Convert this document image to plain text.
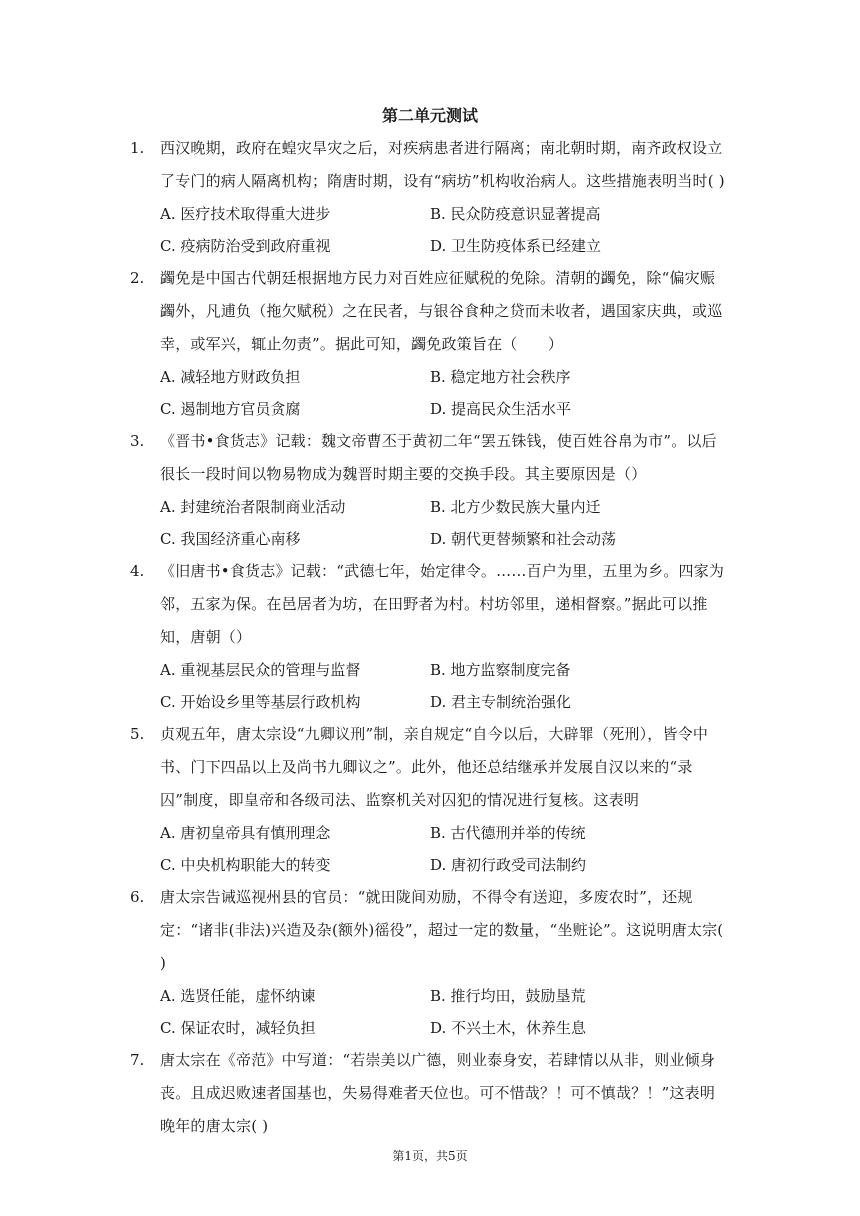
第二单元测试
1.	西汉晚期，政府在蝗灾旱灾之后，对疾病患者进行隔离；南北朝时期，南齐政权设立了专门的病人隔离机构；隋唐时期，设有“病坊”机构收治病人。这些措施表明当时( )
A. 医疗技术取得重大进步	B. 民众防疫意识显著提高
C. 疫病防治受到政府重视	D. 卫生防疫体系已经建立
2.	蠲免是中国古代朝廷根据地方民力对百姓应征赋税的免除。清朝的蠲免，除“偏灾赈蠲外，凡逋负（拖欠赋税）之在民者，与银谷食种之贷而未收者，遇国家庆典，或巡幸，或军兴，辄止勿责”。据此可知，蠲免政策旨在（　　）
A. 减轻地方财政负担	B. 稳定地方社会秩序
C. 遏制地方官员贪腐	D. 提高民众生活水平
3.	《晋书•食货志》记载：魏文帝曹丕于黄初二年“罢五铢钱，使百姓谷帛为市”。以后很长一段时间以物易物成为魏晋时期主要的交换手段。其主要原因是（）
A. 封建统治者限制商业活动	B. 北方少数民族大量内迁
C. 我国经济重心南移	D. 朝代更替频繁和社会动荡
4.	《旧唐书•食货志》记载：“武德七年，始定律令。……百户为里，五里为乡。四家为邻，五家为保。在邑居者为坊，在田野者为村。村坊邻里，递相督察。”据此可以推知，唐朝（）
A. 重视基层民众的管理与监督	B. 地方监察制度完备
C. 开始设乡里等基层行政机构	D. 君主专制统治强化
5.	贞观五年，唐太宗设“九卿议刑”制，亲自规定“自今以后，大辟罪（死刑），皆令中书、门下四品以上及尚书九卿议之”。此外，他还总结继承并发展自汉以来的“录囚”制度，即皇帝和各级司法、监察机关对囚犯的情况进行复核。这表明
A. 唐初皇帝具有慎刑理念	B. 古代德刑并举的传统
C. 中央机构职能大的转变	D. 唐初行政受司法制约
6.	唐太宗告诫巡视州县的官员：“就田陇间劝励，不得令有送迎，多废农时”，还规定：“诸非(非法)兴造及杂(额外)徭役”，超过一定的数量，“坐赃论”。这说明唐太宗( )
A. 选贤任能，虚怀纳谏	B. 推行均田，鼓励垦荒
C. 保证农时，减轻负担	D. 不兴土木，休养生息
7.	唐太宗在《帝范》中写道：“若崇美以广德，则业泰身安，若肆情以从非，则业倾身丧。且成迟败速者国基也，失易得难者天位也。可不惜哉？！可不慎哉？！”这表明晚年的唐太宗( )
第1页，共5页
